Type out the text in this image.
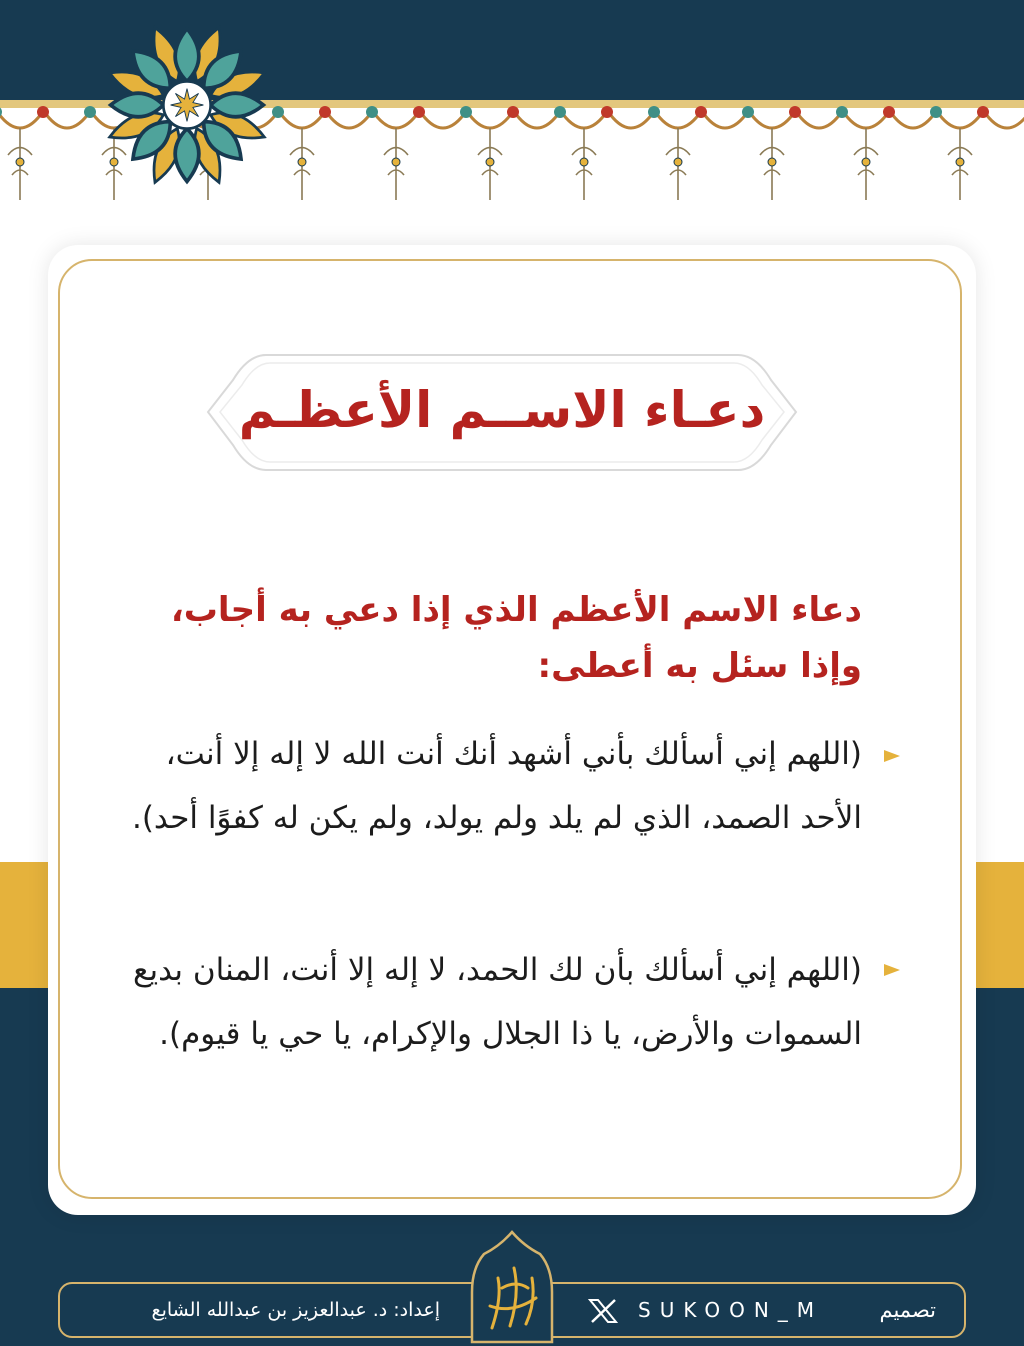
دعـاء الاســم الأعظـم
دعاء الاسم الأعظم الذي إذا دعي به أجاب، وإذا سئل به أعطى:
(اللهم إني أسألك بأني أشهد أنك أنت الله لا إله إلا أنت، الأحد الصمد، الذي لم يلد ولم يولد، ولم يكن له كفوًا أحد).
(اللهم إني أسألك بأن لك الحمد، لا إله إلا أنت، المنان بديع السموات والأرض، يا ذا الجلال والإكرام، يا حي يا قيوم).
إعداد: د. عبدالعزيز بن عبدالله الشايع	SUKOON_M	تصميم
